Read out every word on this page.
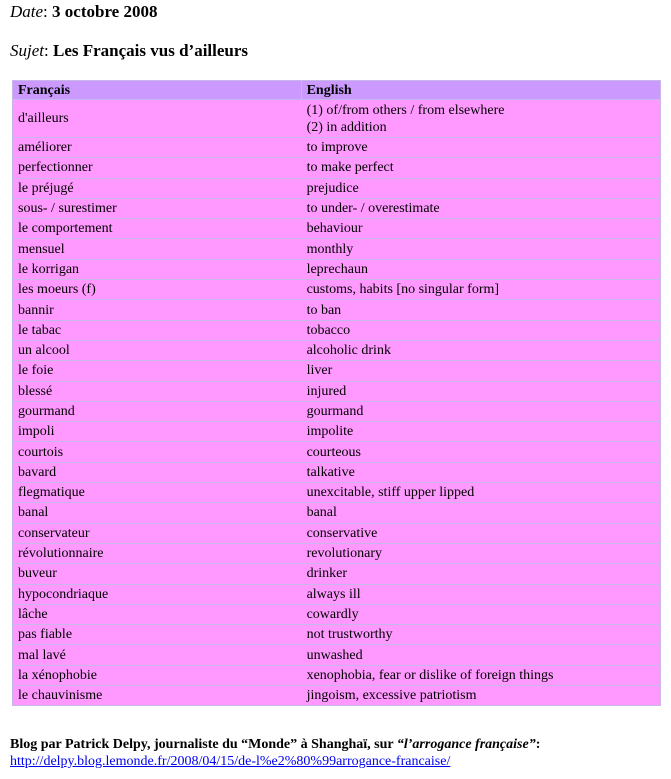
Date: 3 octobre 2008
Sujet: Les Français vus d’ailleurs
Français	English
d'ailleurs	(1) of/from others / from elsewhere
(2) in addition

améliorer	to improve

perfectionner	to make perfect

le préjugé	prejudice

sous- / surestimer	to under- / overestimate

le comportement	behaviour

mensuel	monthly

le korrigan	leprechaun

les moeurs (f)	customs, habits [no singular form]

bannir	to ban

le tabac	tobacco

un alcool	alcoholic drink

le foie	liver

blessé	injured

gourmand	gourmand

impoli	impolite

courtois	courteous

bavard	talkative

flegmatique	unexcitable, stiff upper lipped

banal	banal

conservateur	conservative

révolutionnaire	revolutionary

buveur	drinker

hypocondriaque	always ill

lâche	cowardly

pas fiable	not trustworthy

mal lavé	unwashed

la xénophobie	xenophobia, fear or dislike of foreign things

le chauvinisme	jingoism, excessive patriotism
Blog par Patrick Delpy, journaliste du “Monde” à Shanghaï, sur “l’arrogance française”:
http://delpy.blog.lemonde.fr/2008/04/15/de-l%e2%80%99arrogance-francaise/
